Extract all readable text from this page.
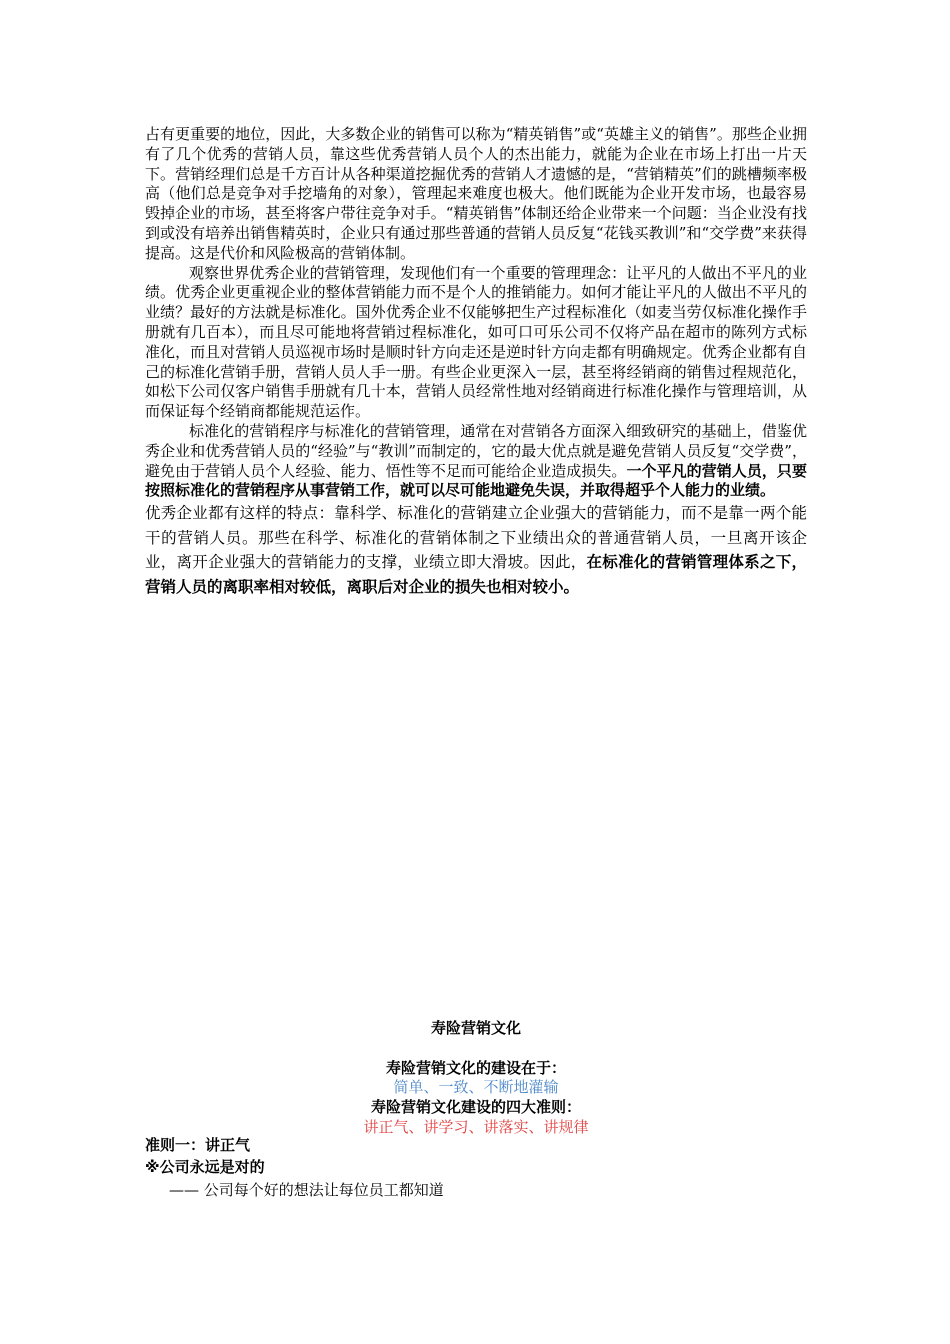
占有更重要的地位，因此，大多数企业的销售可以称为“精英销售”或“英雄主义的销售”。那些企业拥有了几个优秀的营销人员，靠这些优秀营销人员个人的杰出能力，就能为企业在市场上打出一片天下。营销经理们总是千方百计从各种渠道挖掘优秀的营销人才遗憾的是，“营销精英”们的跳槽频率极高（他们总是竞争对手挖墙角的对象），管理起来难度也极大。他们既能为企业开发市场，也最容易毁掉企业的市场，甚至将客户带往竞争对手。“精英销售”体制还给企业带来一个问题：当企业没有找到或没有培养出销售精英时，企业只有通过那些普通的营销人员反复“花钱买教训”和“交学费”来获得提高。这是代价和风险极高的营销体制。

观察世界优秀企业的营销管理，发现他们有一个重要的管理理念：让平凡的人做出不平凡的业绩。优秀企业更重视企业的整体营销能力而不是个人的推销能力。如何才能让平凡的人做出不平凡的业绩？最好的方法就是标准化。国外优秀企业不仅能够把生产过程标准化（如麦当劳仅标准化操作手册就有几百本），而且尽可能地将营销过程标准化，如可口可乐公司不仅将产品在超市的陈列方式标准化，而且对营销人员巡视市场时是顺时针方向走还是逆时针方向走都有明确规定。优秀企业都有自己的标准化营销手册，营销人员人手一册。有些企业更深入一层，甚至将经销商的销售过程规范化，如松下公司仅客户销售手册就有几十本，营销人员经常性地对经销商进行标准化操作与管理培训，从而保证每个经销商都能规范运作。

标准化的营销程序与标准化的营销管理，通常在对营销各方面深入细致研究的基础上，借鉴优秀企业和优秀营销人员的“经验”与“教训”而制定的，它的最大优点就是避免营销人员反复“交学费”，避免由于营销人员个人经验、能力、悟性等不足而可能给企业造成损失。一个平凡的营销人员，只要按照标准化的营销程序从事营销工作，就可以尽可能地避免失误，并取得超乎个人能力的业绩。

优秀企业都有这样的特点：靠科学、标准化的营销建立企业强大的营销能力，而不是靠一两个能干的营销人员。那些在科学、标准化的营销体制之下业绩出众的普通营销人员，一旦离开该企业，离开企业强大的营销能力的支撑，业绩立即大滑坡。因此，在标准化的营销管理体系之下，营销人员的离职率相对较低，离职后对企业的损失也相对较小。

寿险营销文化

寿险营销文化的建设在于：

简单、一致、不断地灌输

寿险营销文化建设的四大准则：

讲正气、讲学习、讲落实、讲规律

准则一：讲正气

※公司永远是对的

—— 公司每个好的想法让每位员工都知道
